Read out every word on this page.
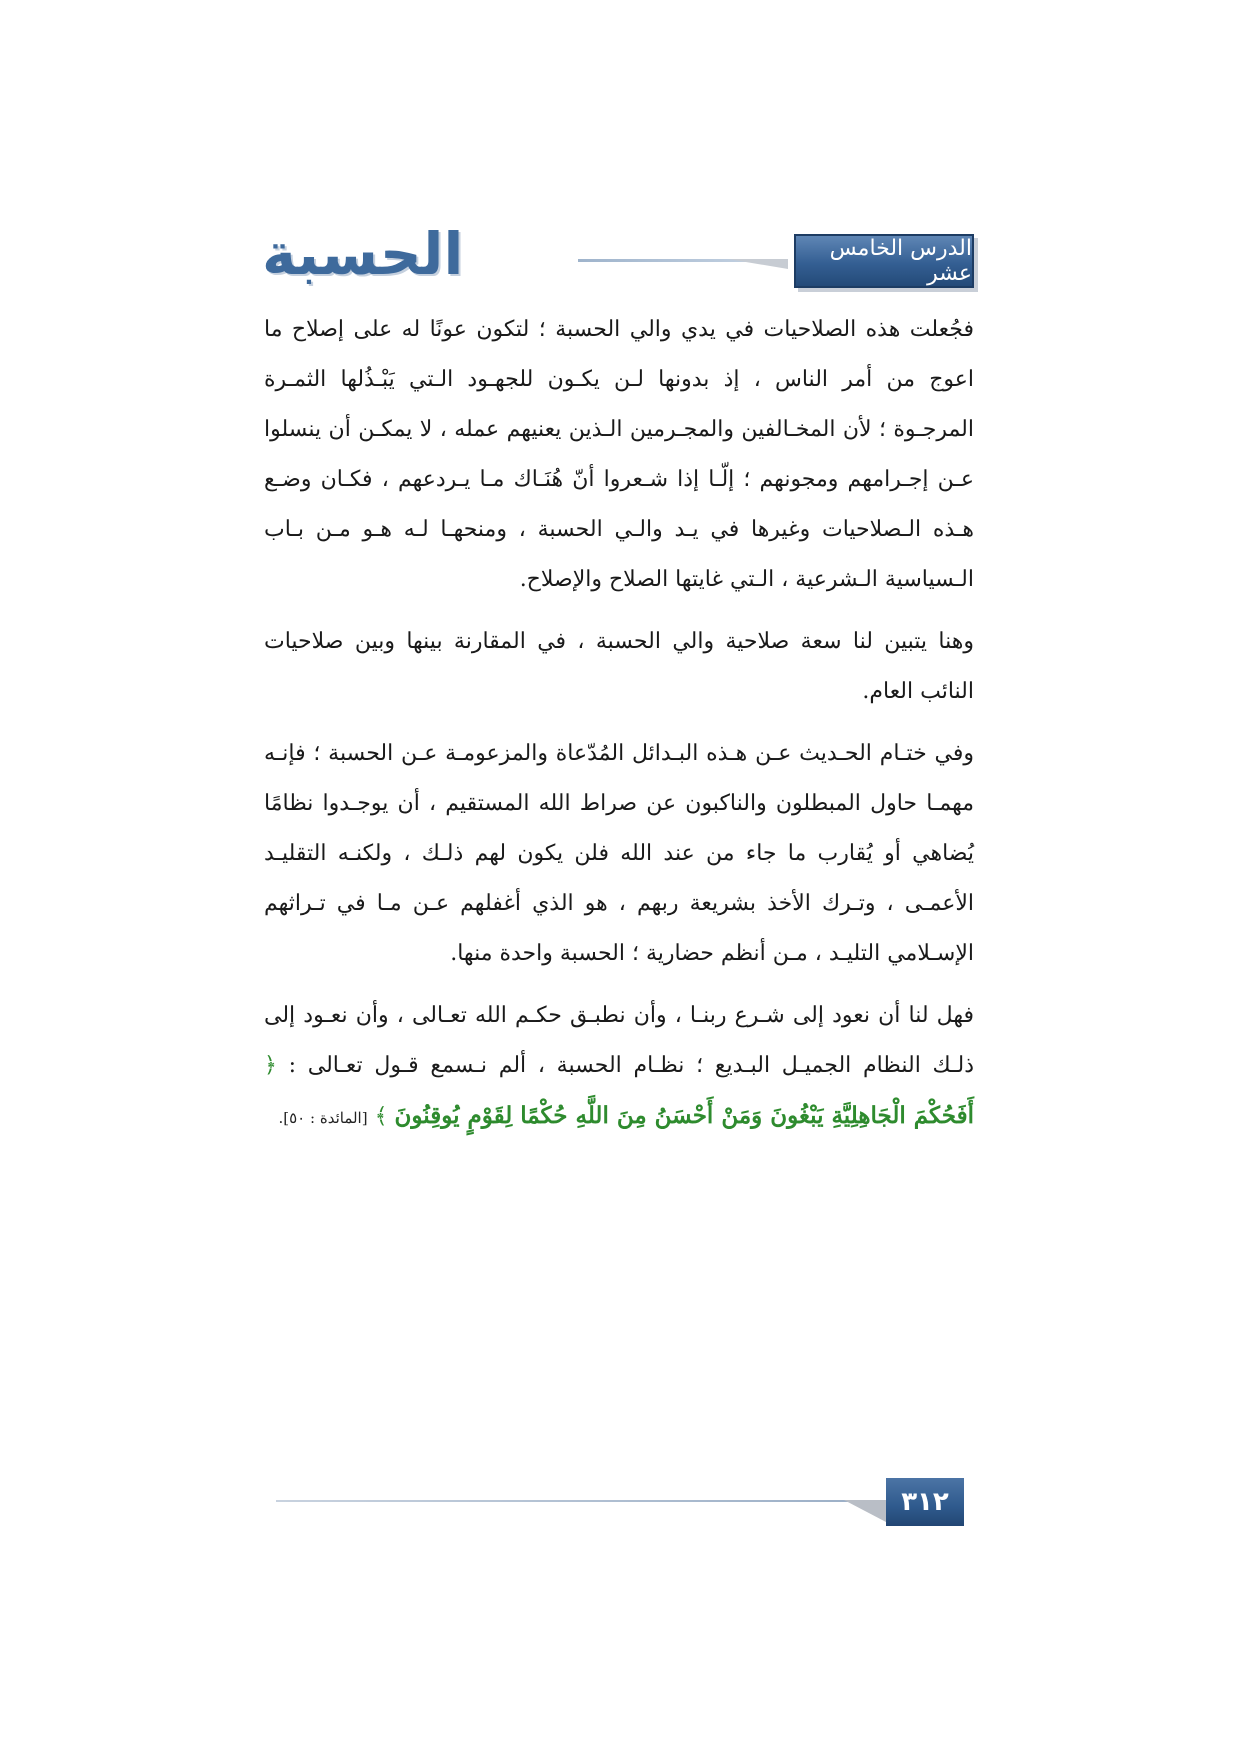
الحسبة	الدرس الخامس عشر

فجُعلت هذه الصلاحيات في يدي والي الحسبة ؛ لتكون عونًا له على إصلاح ما اعوج من أمر الناس ، إذ بدونها لـن يكـون للجهـود الـتي يَبْـذُلها الثمـرة المرجـوة ؛ لأن المخـالفين والمجـرمين الـذين يعنيهم عمله ، لا يمكـن أن ينسلوا عـن إجـرامهم ومجونهم ؛ إلّـا إذا شـعروا أنّ هُنَـاك مـا يـردعهم ، فكـان وضـع هـذه الـصلاحيات وغيرها في يـد والـي الحسبة ، ومنحهـا لـه هـو مـن بـاب الـسياسية الـشرعية ، الـتي غايتها الصلاح والإصلاح.

وهنا يتبين لنا سعة صلاحية والي الحسبة ، في المقارنة بينها وبين صلاحيات النائب العام.

وفي ختـام الحـديث عـن هـذه البـدائل المُدّعاة والمزعومـة عـن الحسبة ؛ فإنـه مهمـا حاول المبطلون والناكبون عن صراط الله المستقيم ، أن يوجـدوا نظامًا يُضاهي أو يُقارب ما جاء من عند الله فلن يكون لهم ذلـك ، ولكنـه التقليـد الأعمـى ، وتـرك الأخذ بشريعة ربهم ، هو الذي أغفلهم عـن مـا في تـراثهم الإسـلامي التليـد ، مـن أنظم حضارية ؛ الحسبة واحدة منها.

فهل لنا أن نعود إلى شـرع ربنـا ، وأن نطبـق حكـم الله تعـالى ، وأن نعـود إلى ذلـك النظام الجميـل البـديع ؛ نظـام الحسبة ، ألم نـسمع قـول تعـالى : ﴿ أَفَحُكْمَ الْجَاهِلِيَّةِ يَبْغُونَ وَمَنْ أَحْسَنُ مِنَ اللَّهِ حُكْمًا لِقَوْمٍ يُوقِنُونَ ﴾ [المائدة : ٥٠].

٣١٢
